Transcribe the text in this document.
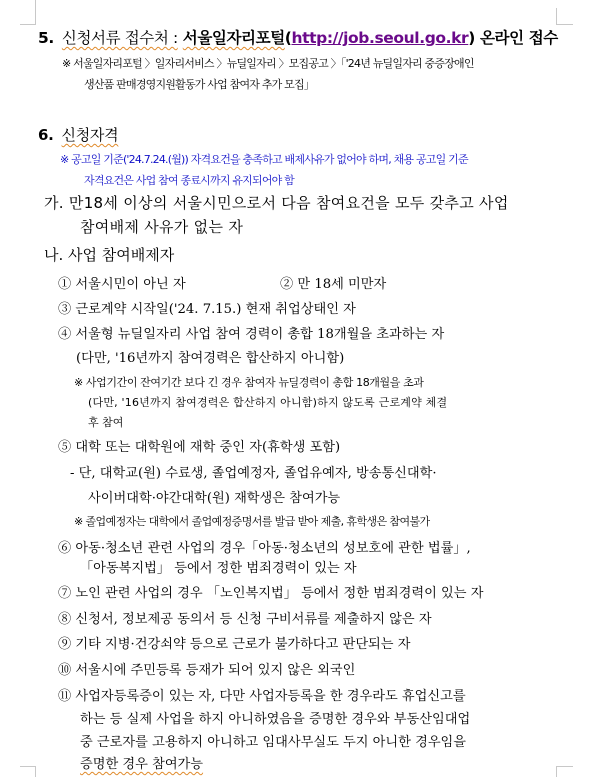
5. 신청서류 접수처 : 서울일자리포털(http://job.seoul.go.kr) 온라인 접수
※ 서울일자리포털 〉일자리서비스 〉뉴딜일자리 〉모집공고 〉「'24년 뉴딜일자리 중증장애인
생산품 판매경영지원활동가 사업 참여자 추가 모집」
6. 신청자격
※ 공고일 기준('24.7.24.(월)) 자격요건을 충족하고 배제사유가 없어야 하며, 채용 공고일 기준
자격요건은 사업 참여 종료시까지 유지되어야 함
가. 만18세 이상의 서울시민으로서 다음 참여요건을 모두 갖추고 사업
참여배제 사유가 없는 자
나. 사업 참여배제자
① 서울시민이 아닌 자	② 만 18세 미만자
③ 근로계약 시작일('24. 7.15.) 현재 취업상태인 자
④ 서울형 뉴딜일자리 사업 참여 경력이 총합 18개월을 초과하는 자
(다만, '16년까지 참여경력은 합산하지 아니함)
※ 사업기간이 잔여기간 보다 긴 경우 참여자 뉴딜경력이 총합 18개월을 초과
(다만, '16년까지 참여경력은 합산하지 아니함)하지 않도록 근로계약 체결
후 참여
⑤ 대학 또는 대학원에 재학 중인 자(휴학생 포함)
- 단, 대학교(원) 수료생, 졸업예정자, 졸업유예자, 방송통신대학·
사이버대학·야간대학(원) 재학생은 참여가능
※ 졸업예정자는 대학에서 졸업예정증명서를 발급 받아 제출, 휴학생은 참여불가
⑥ 아동·청소년 관련 사업의 경우「아동·청소년의 성보호에 관한 법률」,
「아동복지법」 등에서 정한 범죄경력이 있는 자
⑦ 노인 관련 사업의 경우 「노인복지법」 등에서 정한 범죄경력이 있는 자
⑧ 신청서, 정보제공 동의서 등 신청 구비서류를 제출하지 않은 자
⑨ 기타 지병·건강쇠약 등으로 근로가 불가하다고 판단되는 자
⑩ 서울시에 주민등록 등재가 되어 있지 않은 외국인
⑪ 사업자등록증이 있는 자, 다만 사업자등록을 한 경우라도 휴업신고를
하는 등 실제 사업을 하지 아니하였음을 증명한 경우와 부동산임대업
중 근로자를 고용하지 아니하고 임대사무실도 두지 아니한 경우임을
증명한 경우 참여가능
